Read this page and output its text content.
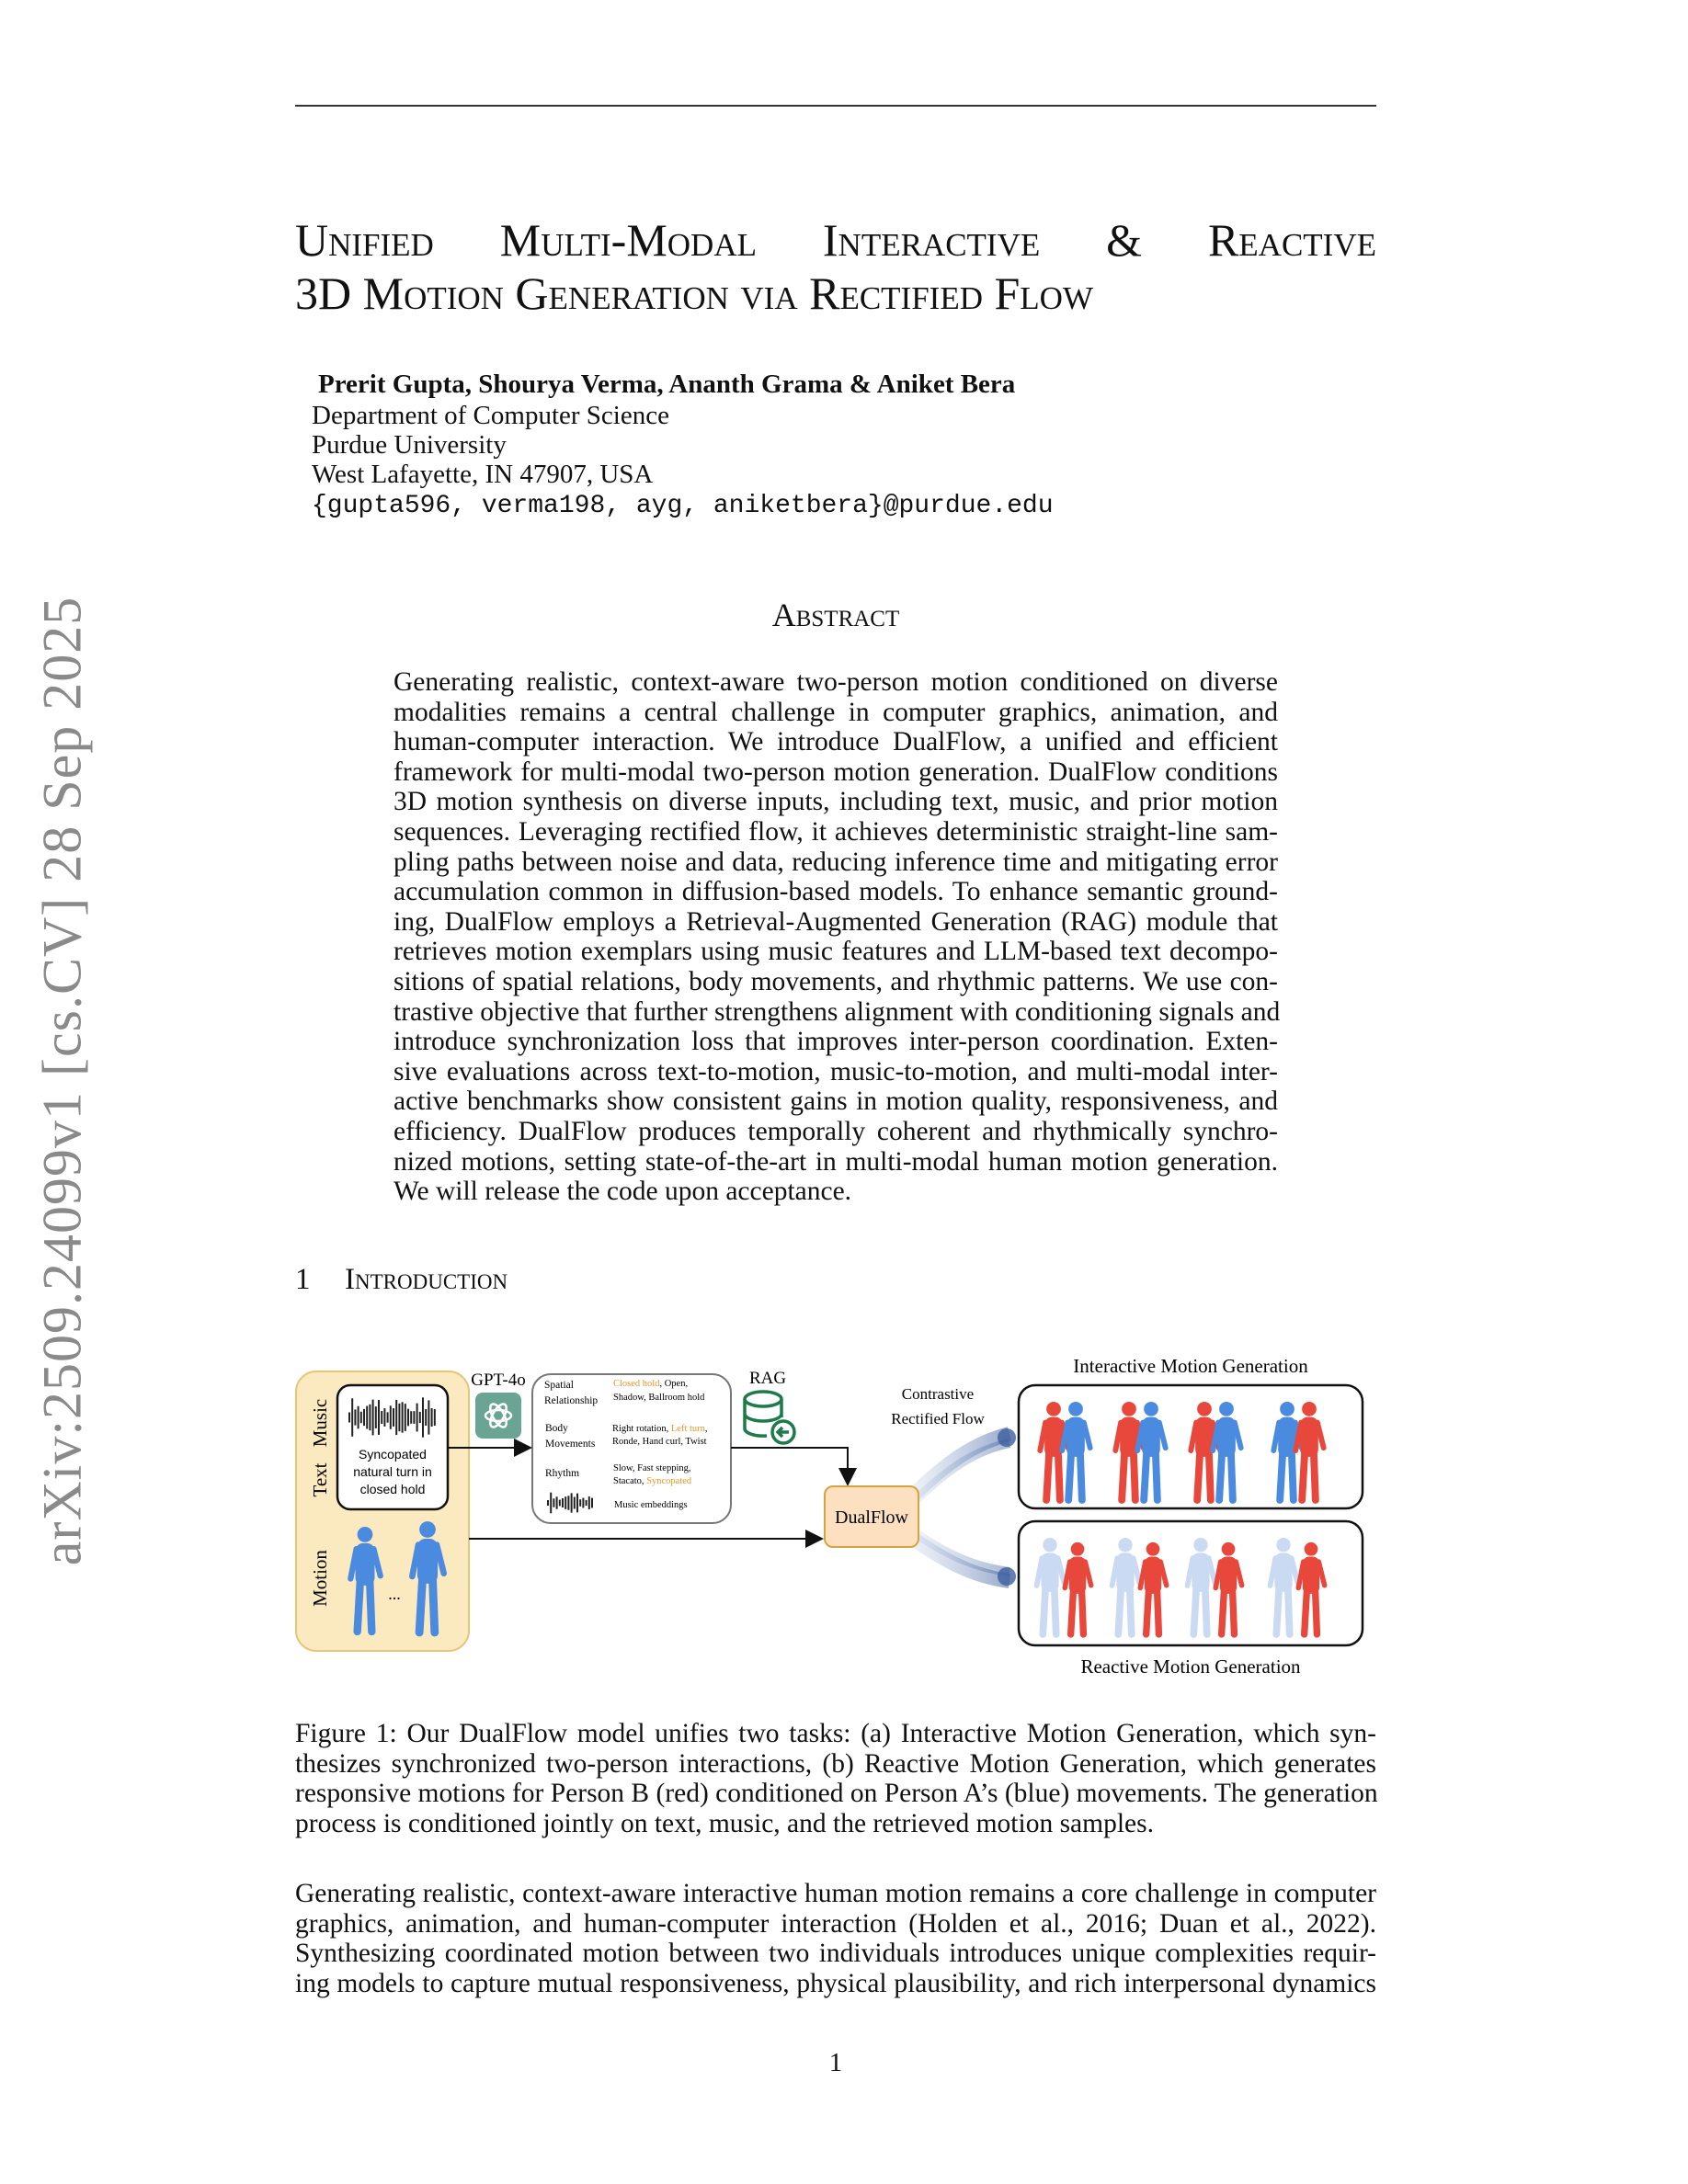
arXiv:2509.24099v1 [cs.CV] 28 Sep 2025
Unified Multi-Modal Interactive & Reactive
3D Motion Generation via Rectified Flow
Prerit Gupta, Shourya Verma, Ananth Grama & Aniket Bera
Department of Computer Science
Purdue University
West Lafayette, IN 47907, USA
{gupta596, verma198, ayg, aniketbera}@purdue.edu
Abstract
Generating realistic, context-aware two-person motion conditioned on diverse
modalities remains a central challenge in computer graphics, animation, and
human-computer interaction. We introduce DualFlow, a unified and efficient
framework for multi-modal two-person motion generation. DualFlow conditions
3D motion synthesis on diverse inputs, including text, music, and prior motion
sequences. Leveraging rectified flow, it achieves deterministic straight-line sam-
pling paths between noise and data, reducing inference time and mitigating error
accumulation common in diffusion-based models. To enhance semantic ground-
ing, DualFlow employs a Retrieval-Augmented Generation (RAG) module that
retrieves motion exemplars using music features and LLM-based text decompo-
sitions of spatial relations, body movements, and rhythmic patterns. We use con-
trastive objective that further strengthens alignment with conditioning signals and
introduce synchronization loss that improves inter-person coordination. Exten-
sive evaluations across text-to-motion, music-to-motion, and multi-modal inter-
active benchmarks show consistent gains in motion quality, responsiveness, and
efficiency. DualFlow produces temporally coherent and rhythmically synchro-
nized motions, setting state-of-the-art in multi-modal human motion generation.
We will release the code upon acceptance.
1 Introduction
Music
Text
Motion
Syncopated
natural turn in
closed hold
...
GPT-4o Spatial
Relationship
Closed hold, Open,
Shadow, Ballroom hold
Body
Movements
Right rotation, Left turn,
Ronde, Hand curl, Twist
Rhythm	Slow, Fast stepping,
Stacato, Syncopated
Music embeddings
RAG
Contrastive
Rectified Flow
DualFlow
Interactive Motion Generation
Reactive Motion Generation
Figure 1: Our DualFlow model unifies two tasks: (a) Interactive Motion Generation, which syn-
thesizes synchronized two-person interactions, (b) Reactive Motion Generation, which generates
responsive motions for Person B (red) conditioned on Person A’s (blue) movements. The generation
process is conditioned jointly on text, music, and the retrieved motion samples.
Generating realistic, context-aware interactive human motion remains a core challenge in computer
graphics, animation, and human-computer interaction (Holden et al., 2016; Duan et al., 2022).
Synthesizing coordinated motion between two individuals introduces unique complexities requir-
ing models to capture mutual responsiveness, physical plausibility, and rich interpersonal dynamics
1
